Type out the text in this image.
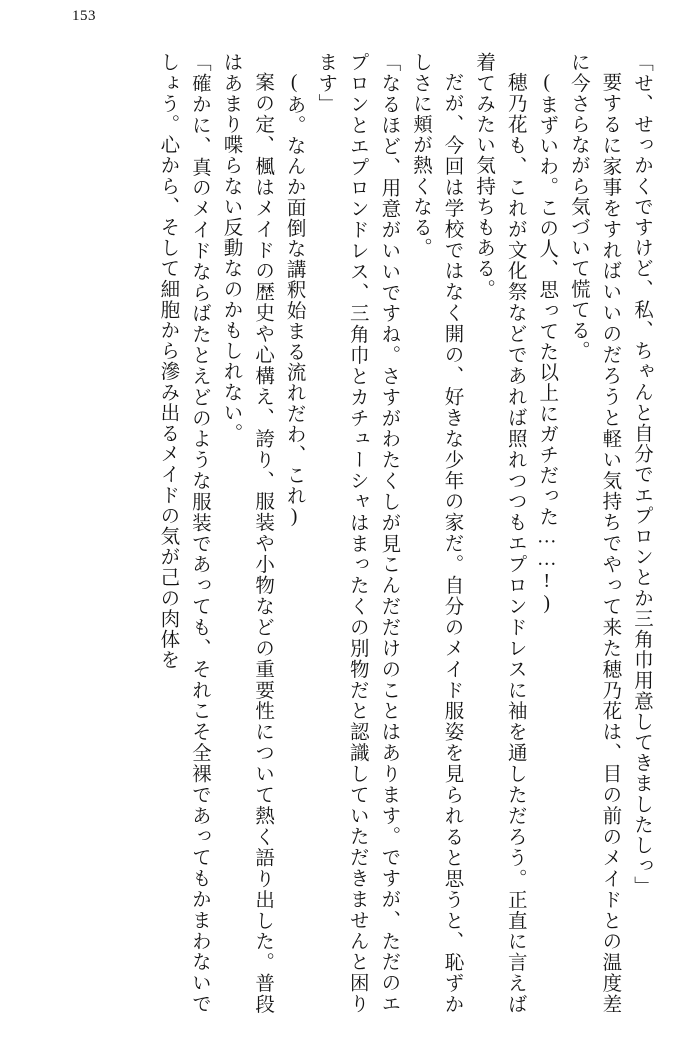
153

「せ、せっかくですけど、私、ちゃんと自分でエプロンとか三角巾用意してきましたしっ」

要するに家事をすればいいのだろうと軽い気持ちでやって来た穂乃花は、目の前のメイドとの温度差に今さらながら気づいて慌てる。

(まずいわ。この人、思ってた以上にガチだった……!)

穂乃花も、これが文化祭などであれば照れつつもエプロンドレスに袖を通しただろう。正直に言えば着てみたい気持ちもある。

だが、今回は学校ではなく開の、好きな少年の家だ。自分のメイド服姿を見られると思うと、恥ずかしさに頬が熱くなる。

「なるほど、用意がいいですね。さすがわたくしが見こんだだけのことはあります。ですが、ただのエプロンとエプロンドレス、三角巾とカチューシャはまったくの別物だと認識していただきませんと困ります」

(あ。なんか面倒な講釈始まる流れだわ、これ)

案の定、楓はメイドの歴史や心構え、誇り、服装や小物などの重要性について熱く語り出した。普段はあまり喋らない反動なのかもしれない。

「確かに、真のメイドならばたとえどのような服装であっても、それこそ全裸であってもかまわないでしょう。心から、そして細胞から滲み出るメイドの気が己の肉体を
